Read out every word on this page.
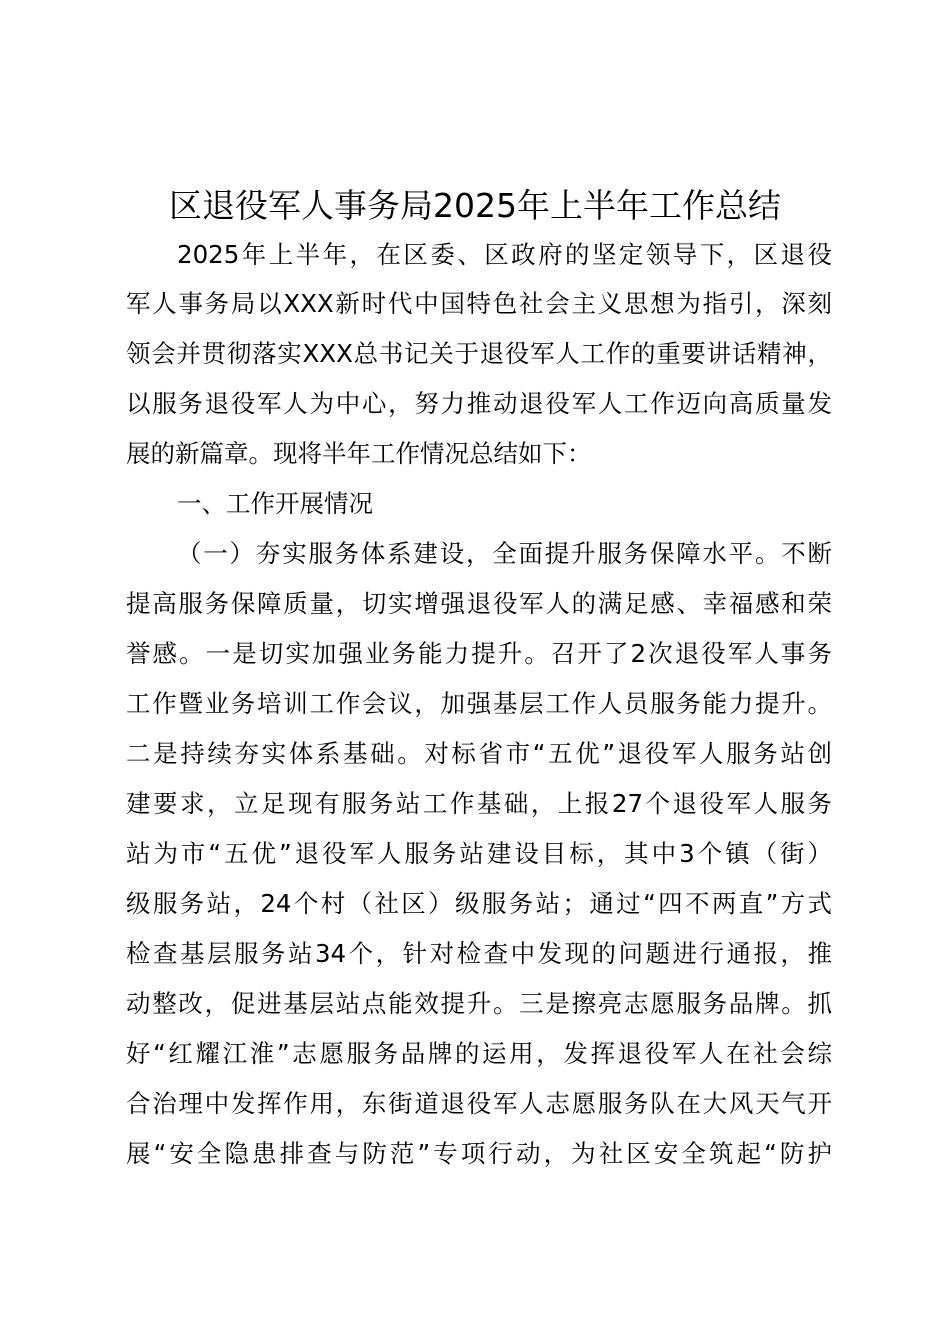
区退役军人事务局2025年上半年工作总结
2025年上半年，在区委、区政府的坚定领导下，区退役
军人事务局以XXX新时代中国特色社会主义思想为指引，深刻
领会并贯彻落实XXX总书记关于退役军人工作的重要讲话精神，
以服务退役军人为中心，努力推动退役军人工作迈向高质量发
展的新篇章。现将半年工作情况总结如下：
一、工作开展情况
（一）夯实服务体系建设，全面提升服务保障水平。不断
提高服务保障质量，切实增强退役军人的满足感、幸福感和荣
誉感。一是切实加强业务能力提升。召开了2次退役军人事务
工作暨业务培训工作会议，加强基层工作人员服务能力提升。
二是持续夯实体系基础。对标省市“五优”退役军人服务站创
建要求，立足现有服务站工作基础，上报27个退役军人服务
站为市“五优”退役军人服务站建设目标，其中3个镇（街）
级服务站，24个村（社区）级服务站；通过“四不两直”方式
检查基层服务站34个，针对检查中发现的问题进行通报，推
动整改，促进基层站点能效提升。三是擦亮志愿服务品牌。抓
好“红耀江淮”志愿服务品牌的运用，发挥退役军人在社会综
合治理中发挥作用，东街道退役军人志愿服务队在大风天气开
展“安全隐患排查与防范”专项行动，为社区安全筑起“防护
